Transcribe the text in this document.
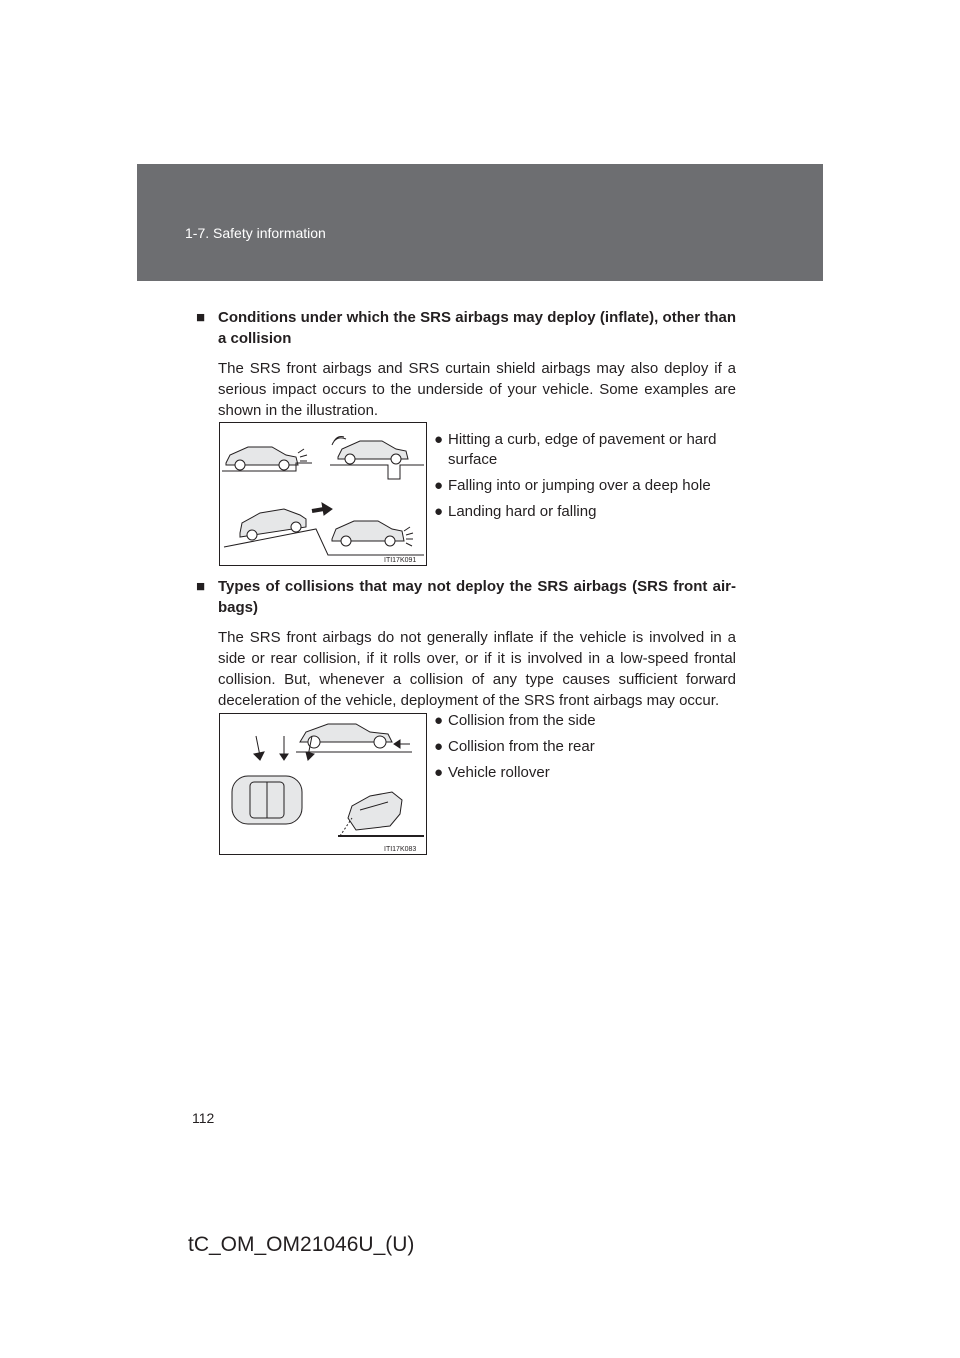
1-7. Safety information
■ Conditions under which the SRS airbags may deploy (inflate), other than a collision
The SRS front airbags and SRS curtain shield airbags may also deploy if a serious impact occurs to the underside of your vehicle. Some examples are shown in the illustration.
ITI17K091
● Hitting a curb, edge of pavement or hard surface
● Falling into or jumping over a deep hole
● Landing hard or falling
■ Types of collisions that may not deploy the SRS airbags (SRS front air-bags)
The SRS front airbags do not generally inflate if the vehicle is involved in a side or rear collision, if it rolls over, or if it is involved in a low-speed frontal collision. But, whenever a collision of any type causes sufficient forward deceleration of the vehicle, deployment of the SRS front airbags may occur.
ITI17K083
● Collision from the side
● Collision from the rear
● Vehicle rollover
112
tC_OM_OM21046U_(U)
